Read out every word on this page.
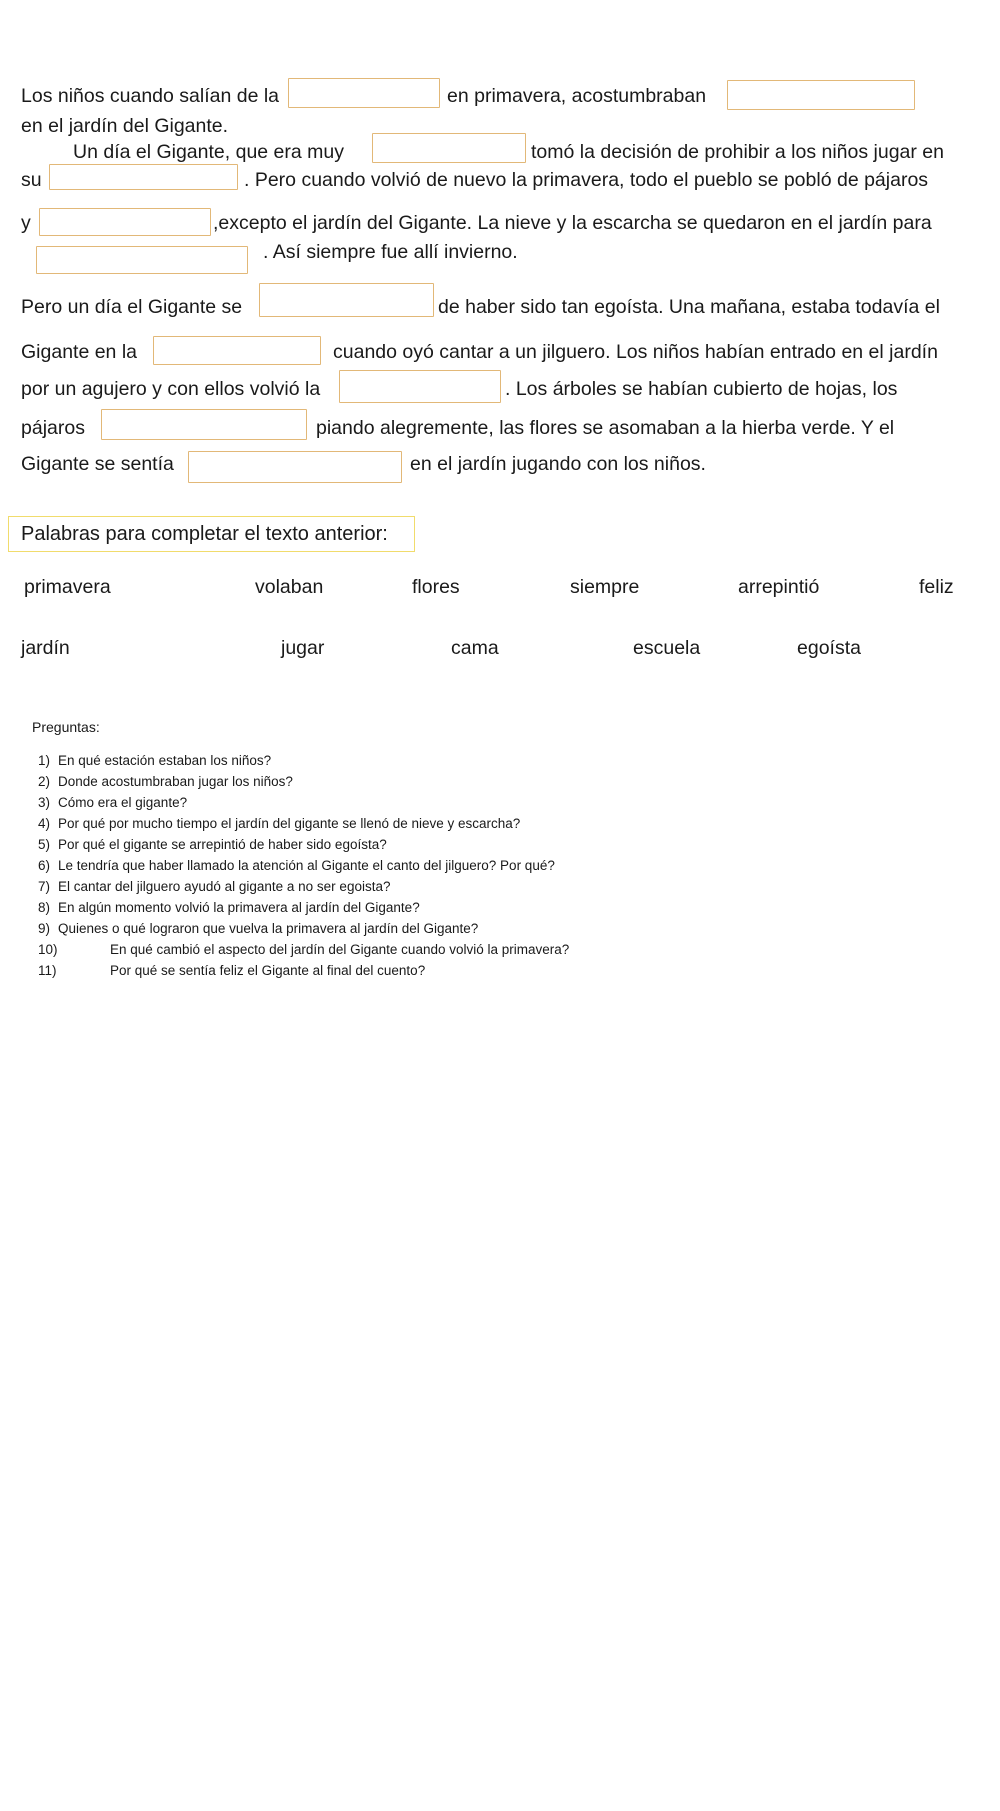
Los niños cuando salían de la	en primavera, acostumbraban
en el jardín del Gigante.
Un día el Gigante, que era muy	tomó la decisión de prohibir a los niños jugar en
su	. Pero cuando volvió de nuevo la primavera, todo el pueblo se pobló de pájaros
y	,excepto el jardín del Gigante. La nieve y la escarcha se quedaron en el jardín para
. Así siempre fue allí invierno.
Pero un día el Gigante se	de haber sido tan egoísta. Una mañana, estaba todavía el
Gigante en la	cuando oyó cantar a un jilguero. Los niños habían entrado en el jardín
por un agujero y con ellos volvió la	. Los árboles se habían cubierto de hojas, los
pájaros	piando alegremente, las flores se asomaban a la hierba verde. Y el
Gigante se sentía	en el jardín jugando con los niños.
Palabras para completar el texto anterior:
primavera	volaban	flores	siempre	arrepintió	feliz
jardín	jugar	cama	escuela	egoísta
Preguntas:
1) En qué estación estaban los niños?
2) Donde acostumbraban jugar los niños?
3) Cómo era el gigante?
4) Por qué por mucho tiempo el jardín del gigante se llenó de nieve y escarcha?
5) Por qué el gigante se arrepintió de haber sido egoísta?
6) Le tendría que haber llamado la atención al Gigante el canto del jilguero? Por qué?
7) El cantar del jilguero ayudó al gigante a no ser egoista?
8) En algún momento volvió la primavera al jardín del Gigante?
9) Quienes o qué lograron que vuelva la primavera al jardín del Gigante?
10)	En qué cambió el aspecto del jardín del Gigante cuando volvió la primavera?
11)	Por qué se sentía feliz el Gigante al final del cuento?
